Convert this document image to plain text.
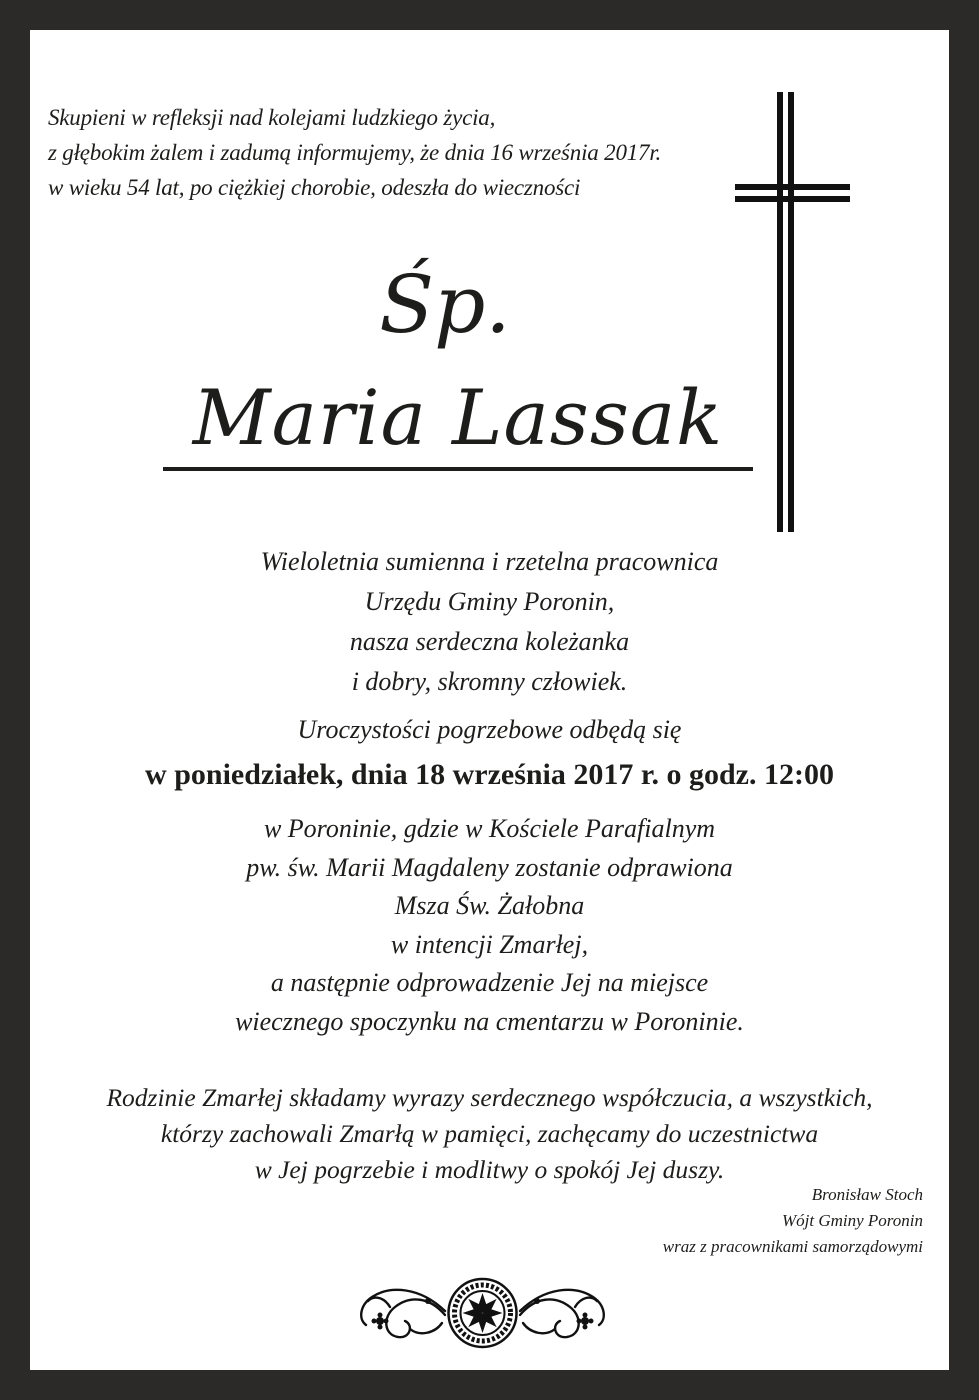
Skupieni w refleksji nad kolejami ludzkiego życia,
z głębokim żalem i zadumą informujemy, że dnia 16 września 2017r.
w wieku 54 lat, po ciężkiej chorobie, odeszła do wieczności
Śp.
Maria Lassak
Wieloletnia sumienna i rzetelna pracownica
Urzędu Gminy Poronin,
nasza serdeczna koleżanka
i dobry, skromny człowiek.
Uroczystości pogrzebowe odbędą się
w poniedziałek, dnia 18 września 2017 r. o godz. 12:00
w Poroninie, gdzie w Kościele Parafialnym
pw. św. Marii Magdaleny zostanie odprawiona
Msza Św. Żałobna
w intencji Zmarłej,
a następnie odprowadzenie Jej na miejsce
wiecznego spoczynku na cmentarzu w Poroninie.
Rodzinie Zmarłej składamy wyrazy serdecznego współczucia, a wszystkich,
którzy zachowali Zmarłą w pamięci, zachęcamy do uczestnictwa
w Jej pogrzebie i modlitwy o spokój Jej duszy.
Bronisław Stoch
Wójt Gminy Poronin
wraz z pracownikami samorządowymi
